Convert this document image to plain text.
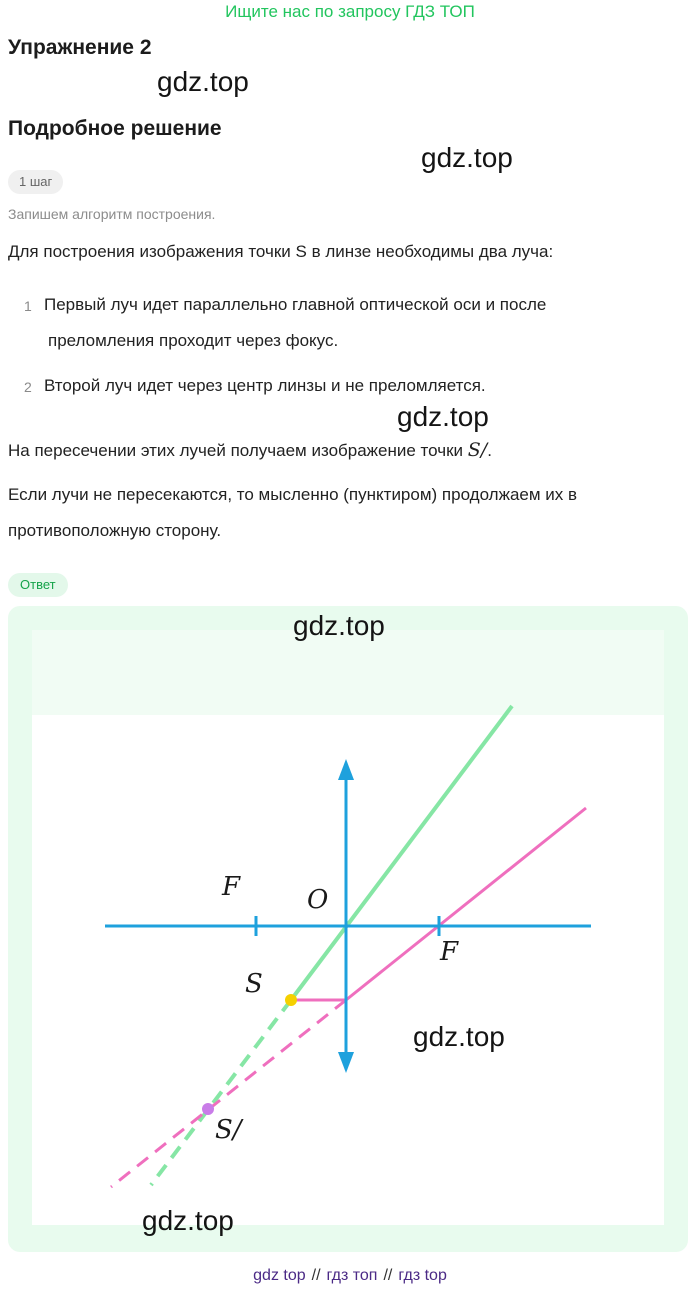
Ищите нас по запросу ГДЗ ТОП
Упражнение 2
gdz.top
Подробное решение
gdz.top
1 шаг
Запишем алгоритм построения.
Для построения изображения точки S в линзе необходимы два луча:
1 Первый луч идет параллельно главной оптической оси и после
преломления проходит через фокус.
2 Второй луч идет через центр линзы и не преломляется.
gdz.top
На пересечении этих лучей получаем изображение точки S/.
Если лучи не пересекаются, то мысленно (пунктиром) продолжаем их в
противоположную сторону.
Ответ
F	O
F
S
S/
gdz.top
gdz.top
gdz.top
gdz top // гдз топ // гдз top
